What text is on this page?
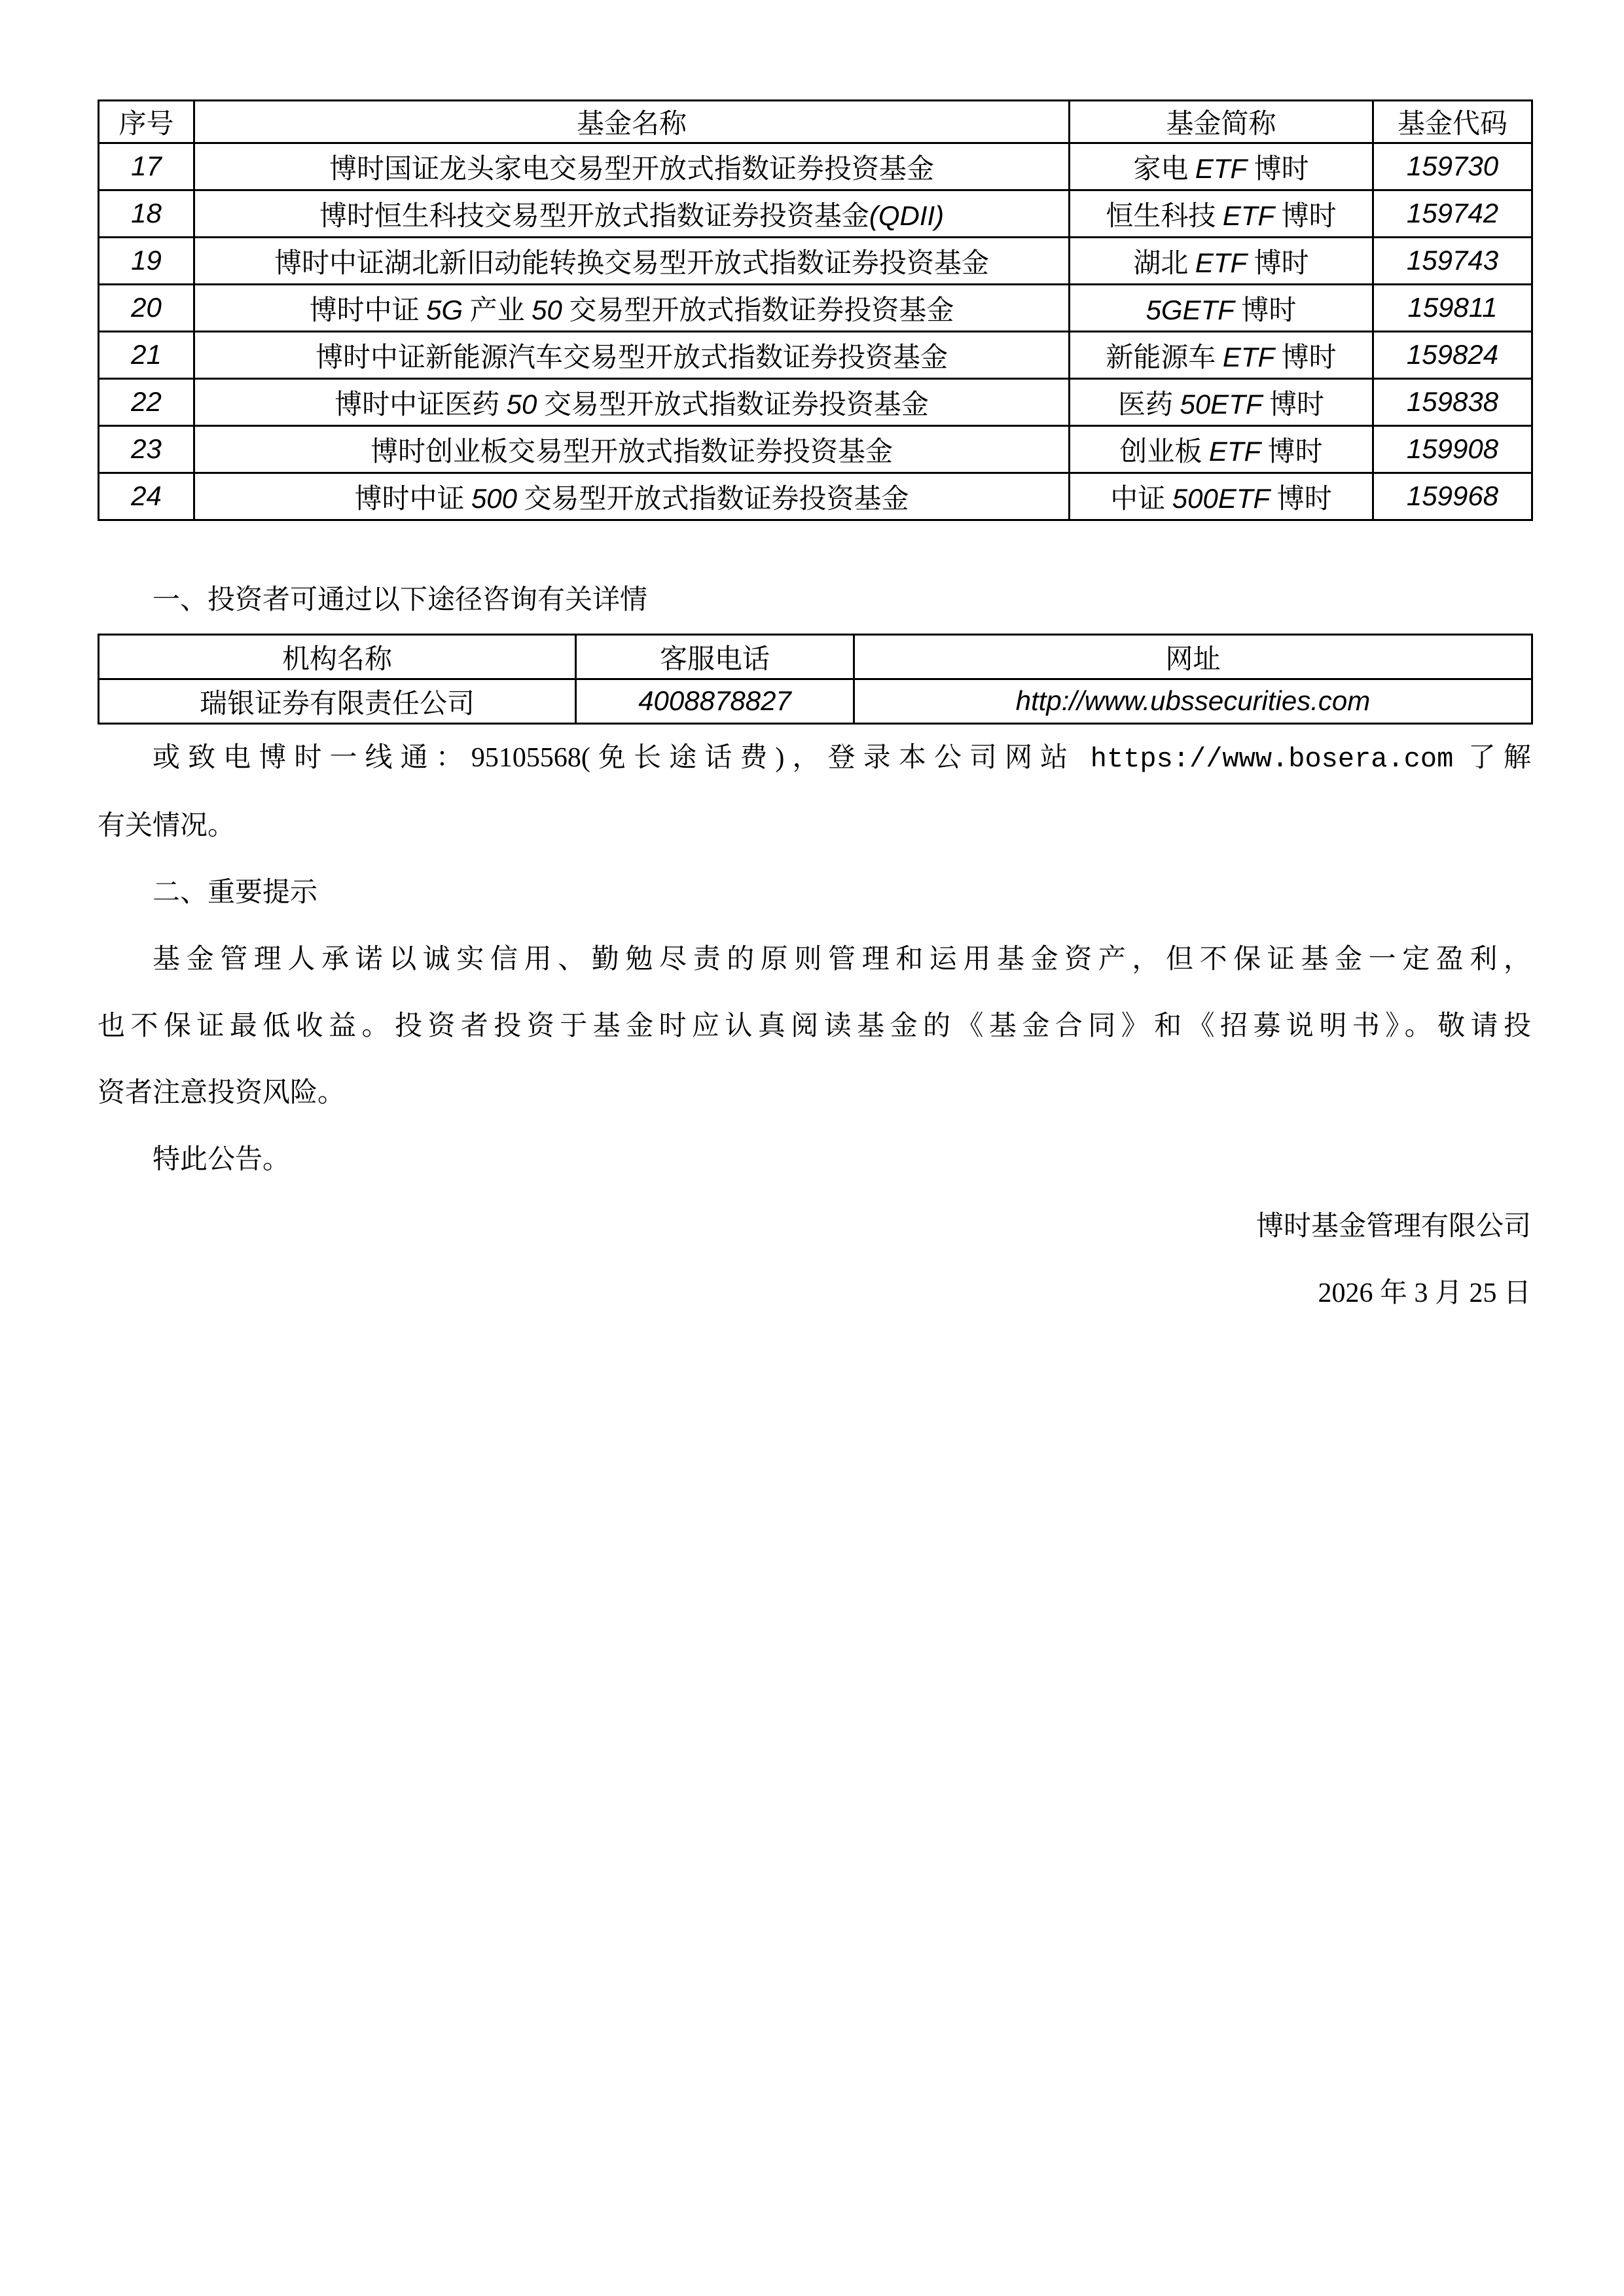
序号	基金名称	基金简称	基金代码
17	博时国证龙头家电交易型开放式指数证券投资基金	家电 ETF 博时	159730
18	博时恒生科技交易型开放式指数证券投资基金(QDII)	恒生科技 ETF 博时	159742
19	博时中证湖北新旧动能转换交易型开放式指数证券投资基金	湖北 ETF 博时	159743
20	博时中证 5G 产业 50 交易型开放式指数证券投资基金	5GETF 博时	159811
21	博时中证新能源汽车交易型开放式指数证券投资基金	新能源车 ETF 博时	159824
22	博时中证医药 50 交易型开放式指数证券投资基金	医药 50ETF 博时	159838
23	博时创业板交易型开放式指数证券投资基金	创业板 ETF 博时	159908
24	博时中证 500 交易型开放式指数证券投资基金	中证 500ETF 博时	159968
一、投资者可通过以下途径咨询有关详情
机构名称	客服电话	网址
瑞银证券有限责任公司	4008878827	http://www.ubssecurities.com
或致电博时一线通：95105568(免长途话费)，登录本公司网站 https://www.bosera.com 了解
有关情况。
二、重要提示
基金管理人承诺以诚实信用、勤勉尽责的原则管理和运用基金资产，但不保证基金一定盈利，
也不保证最低收益。投资者投资于基金时应认真阅读基金的《基金合同》和《招募说明书》。敬请投
资者注意投资风险。
特此公告。
博时基金管理有限公司
2026 年 3 月 25 日
